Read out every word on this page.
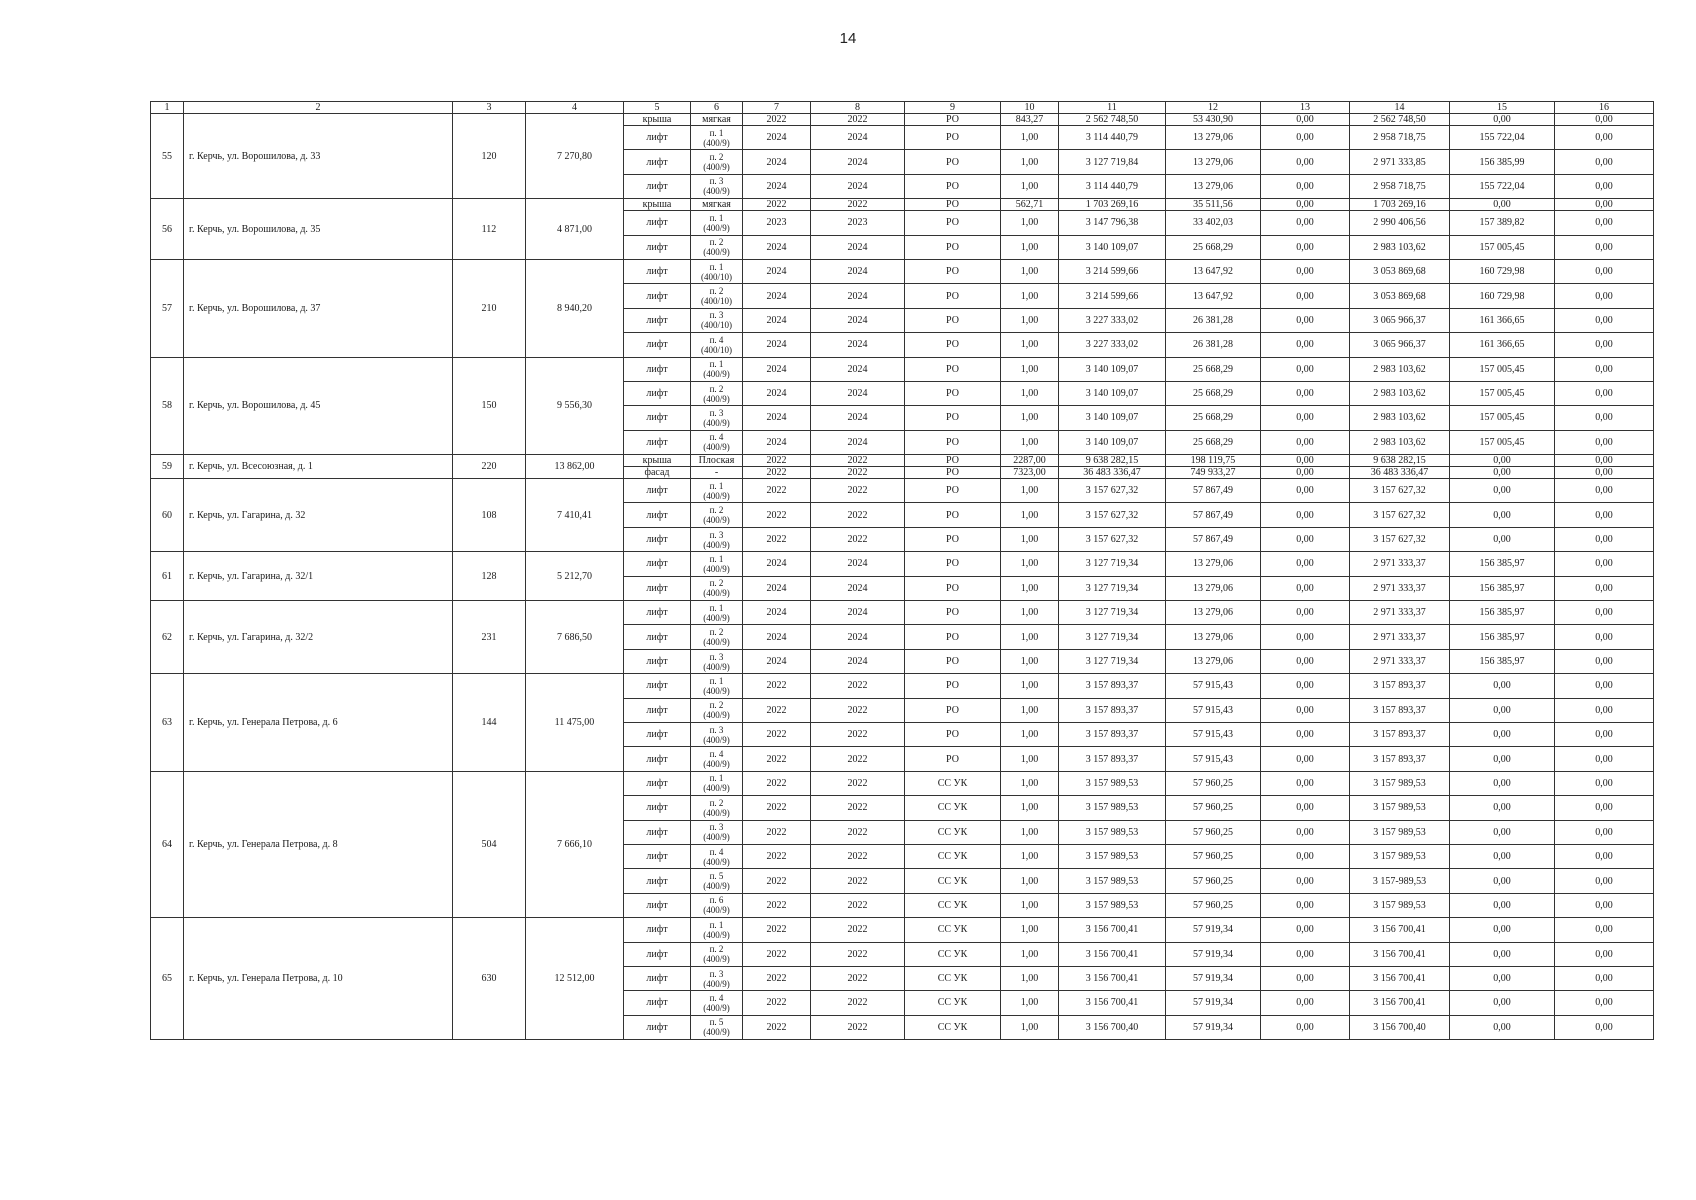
14
1	2	3	4	5	6	7	8	9	10	11	12	13	14	15	16
55	г. Керчь, ул. Ворошилова, д. 33	120	7 270,80	крыша	мягкая	2022	2022	РО	843,27	2 562 748,50	53 430,90	0,00	2 562 748,50	0,00	0,00
				лифт	п. 1
(400/9)	2024	2024	РО	1,00	3 114 440,79	13 279,06	0,00	2 958 718,75	155 722,04	0,00
				лифт	п. 2
(400/9)	2024	2024	РО	1,00	3 127 719,84	13 279,06	0,00	2 971 333,85	156 385,99	0,00
				лифт	п. 3
(400/9)	2024	2024	РО	1,00	3 114 440,79	13 279,06	0,00	2 958 718,75	155 722,04	0,00
56	г. Керчь, ул. Ворошилова, д. 35	112	4 871,00	крыша	мягкая	2022	2022	РО	562,71	1 703 269,16	35 511,56	0,00	1 703 269,16	0,00	0,00
				лифт	п. 1
(400/9)	2023	2023	РО	1,00	3 147 796,38	33 402,03	0,00	2 990 406,56	157 389,82	0,00
				лифт	п. 2
(400/9)	2024	2024	РО	1,00	3 140 109,07	25 668,29	0,00	2 983 103,62	157 005,45	0,00
57	г. Керчь, ул. Ворошилова, д. 37	210	8 940,20	лифт	п. 1
(400/10)	2024	2024	РО	1,00	3 214 599,66	13 647,92	0,00	3 053 869,68	160 729,98	0,00
				лифт	п. 2
(400/10)	2024	2024	РО	1,00	3 214 599,66	13 647,92	0,00	3 053 869,68	160 729,98	0,00
				лифт	п. 3
(400/10)	2024	2024	РО	1,00	3 227 333,02	26 381,28	0,00	3 065 966,37	161 366,65	0,00
				лифт	п. 4
(400/10)	2024	2024	РО	1,00	3 227 333,02	26 381,28	0,00	3 065 966,37	161 366,65	0,00
58	г. Керчь, ул. Ворошилова, д. 45	150	9 556,30	лифт	п. 1
(400/9)	2024	2024	РО	1,00	3 140 109,07	25 668,29	0,00	2 983 103,62	157 005,45	0,00
				лифт	п. 2
(400/9)	2024	2024	РО	1,00	3 140 109,07	25 668,29	0,00	2 983 103,62	157 005,45	0,00
				лифт	п. 3
(400/9)	2024	2024	РО	1,00	3 140 109,07	25 668,29	0,00	2 983 103,62	157 005,45	0,00
				лифт	п. 4
(400/9)	2024	2024	РО	1,00	3 140 109,07	25 668,29	0,00	2 983 103,62	157 005,45	0,00
59	г. Керчь, ул. Всесоюзная, д. 1	220	13 862,00	крыша	Плоская	2022	2022	РО	2287,00	9 638 282,15	198 119,75	0,00	9 638 282,15	0,00	0,00
				фасад	-	2022	2022	РО	7323,00	36 483 336,47	749 933,27	0,00	36 483 336,47	0,00	0,00
60	г. Керчь, ул. Гагарина, д. 32	108	7 410,41	лифт	п. 1
(400/9)	2022	2022	РО	1,00	3 157 627,32	57 867,49	0,00	3 157 627,32	0,00	0,00
				лифт	п. 2
(400/9)	2022	2022	РО	1,00	3 157 627,32	57 867,49	0,00	3 157 627,32	0,00	0,00
				лифт	п. 3
(400/9)	2022	2022	РО	1,00	3 157 627,32	57 867,49	0,00	3 157 627,32	0,00	0,00
61	г. Керчь, ул. Гагарина, д. 32/1	128	5 212,70	лифт	п. 1
(400/9)	2024	2024	РО	1,00	3 127 719,34	13 279,06	0,00	2 971 333,37	156 385,97	0,00
				лифт	п. 2
(400/9)	2024	2024	РО	1,00	3 127 719,34	13 279,06	0,00	2 971 333,37	156 385,97	0,00
62	г. Керчь, ул. Гагарина, д. 32/2	231	7 686,50	лифт	п. 1
(400/9)	2024	2024	РО	1,00	3 127 719,34	13 279,06	0,00	2 971 333,37	156 385,97	0,00
				лифт	п. 2
(400/9)	2024	2024	РО	1,00	3 127 719,34	13 279,06	0,00	2 971 333,37	156 385,97	0,00
				лифт	п. 3
(400/9)	2024	2024	РО	1,00	3 127 719,34	13 279,06	0,00	2 971 333,37	156 385,97	0,00
63	г. Керчь, ул. Генерала Петрова, д. 6	144	11 475,00	лифт	п. 1
(400/9)	2022	2022	РО	1,00	3 157 893,37	57 915,43	0,00	3 157 893,37	0,00	0,00
				лифт	п. 2
(400/9)	2022	2022	РО	1,00	3 157 893,37	57 915,43	0,00	3 157 893,37	0,00	0,00
				лифт	п. 3
(400/9)	2022	2022	РО	1,00	3 157 893,37	57 915,43	0,00	3 157 893,37	0,00	0,00
				лифт	п. 4
(400/9)	2022	2022	РО	1,00	3 157 893,37	57 915,43	0,00	3 157 893,37	0,00	0,00
64	г. Керчь, ул. Генерала Петрова, д. 8	504	7 666,10	лифт	п. 1
(400/9)	2022	2022	СС УК	1,00	3 157 989,53	57 960,25	0,00	3 157 989,53	0,00	0,00
				лифт	п. 2
(400/9)	2022	2022	СС УК	1,00	3 157 989,53	57 960,25	0,00	3 157 989,53	0,00	0,00
				лифт	п. 3
(400/9)	2022	2022	СС УК	1,00	3 157 989,53	57 960,25	0,00	3 157 989,53	0,00	0,00
				лифт	п. 4
(400/9)	2022	2022	СС УК	1,00	3 157 989,53	57 960,25	0,00	3 157 989,53	0,00	0,00
				лифт	п. 5
(400/9)	2022	2022	СС УК	1,00	3 157 989,53	57 960,25	0,00	3 157-989,53	0,00	0,00
				лифт	п. 6
(400/9)	2022	2022	СС УК	1,00	3 157 989,53	57 960,25	0,00	3 157 989,53	0,00	0,00
65	г. Керчь, ул. Генерала Петрова, д. 10	630	12 512,00	лифт	п. 1
(400/9)	2022	2022	СС УК	1,00	3 156 700,41	57 919,34	0,00	3 156 700,41	0,00	0,00
				лифт	п. 2
(400/9)	2022	2022	СС УК	1,00	3 156 700,41	57 919,34	0,00	3 156 700,41	0,00	0,00
				лифт	п. 3
(400/9)	2022	2022	СС УК	1,00	3 156 700,41	57 919,34	0,00	3 156 700,41	0,00	0,00
				лифт	п. 4
(400/9)	2022	2022	СС УК	1,00	3 156 700,41	57 919,34	0,00	3 156 700,41	0,00	0,00
				лифт	п. 5
(400/9)	2022	2022	СС УК	1,00	3 156 700,40	57 919,34	0,00	3 156 700,40	0,00	0,00
